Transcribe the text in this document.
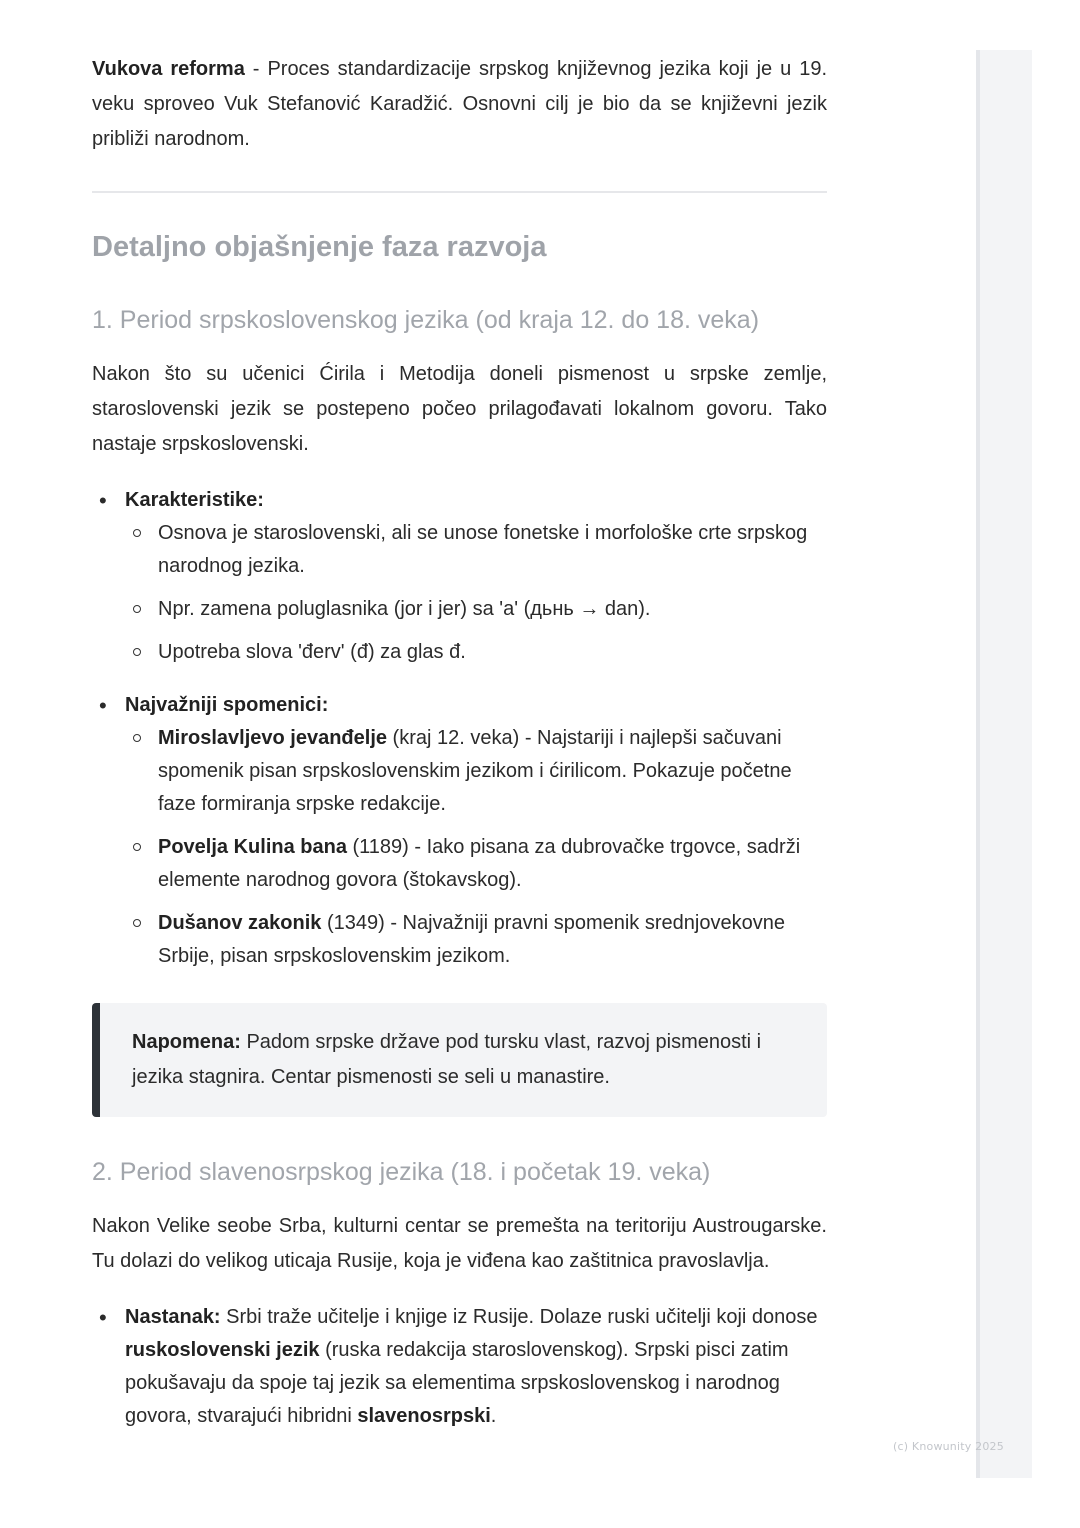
Vukova reforma - Proces standardizacije srpskog književnog jezika koji je u 19. veku sproveo Vuk Stefanović Karadžić. Osnovni cilj je bio da se književni jezik približi narodnom.

Detaljno objašnjenje faza razvoja
1. Period srpskoslovenskog jezika (od kraja 12. do 18. veka)

Nakon što su učenici Ćirila i Metodija doneli pismenost u srpske zemlje, staroslovenski jezik se postepeno počeo prilagođavati lokalnom govoru. Tako nastaje srpskoslovenski.

• Karakteristike:
Osnova je staroslovenski, ali se unose fonetske i morfološke crte srpskog narodnog jezika.
Npr. zamena poluglasnika (jor i jer) sa 'a' (дьнь → dan).
Upotreba slova 'đerv' (đ) za glas đ.
• Najvažniji spomenici:
Miroslavljevo jevanđelje (kraj 12. veka) - Najstariji i najlepši sačuvani spomenik pisan srpskoslovenskim jezikom i ćirilicom. Pokazuje početne faze formiranja srpske redakcije.
Povelja Kulina bana (1189) - Iako pisana za dubrovačke trgovce, sadrži elemente narodnog govora (štokavskog).
Dušanov zakonik (1349) - Najvažniji pravni spomenik srednjovekovne Srbije, pisan srpskoslovenskim jezikom.

Napomena: Padom srpske države pod tursku vlast, razvoj pismenosti i jezika stagnira. Centar pismenosti se seli u manastire.

2. Period slavenosrpskog jezika (18. i početak 19. veka)

Nakon Velike seobe Srba, kulturni centar se premešta na teritoriju Austrougarske. Tu dolazi do velikog uticaja Rusije, koja je viđena kao zaštitnica pravoslavlja.

• Nastanak: Srbi traže učitelje i knjige iz Rusije. Dolaze ruski učitelji koji donose ruskoslovenski jezik (ruska redakcija staroslovenskog). Srpski pisci zatim pokušavaju da spoje taj jezik sa elementima srpskoslovenskog i narodnog govora, stvarajući hibridni slavenosrpski.
(c) Knowunity 2025
